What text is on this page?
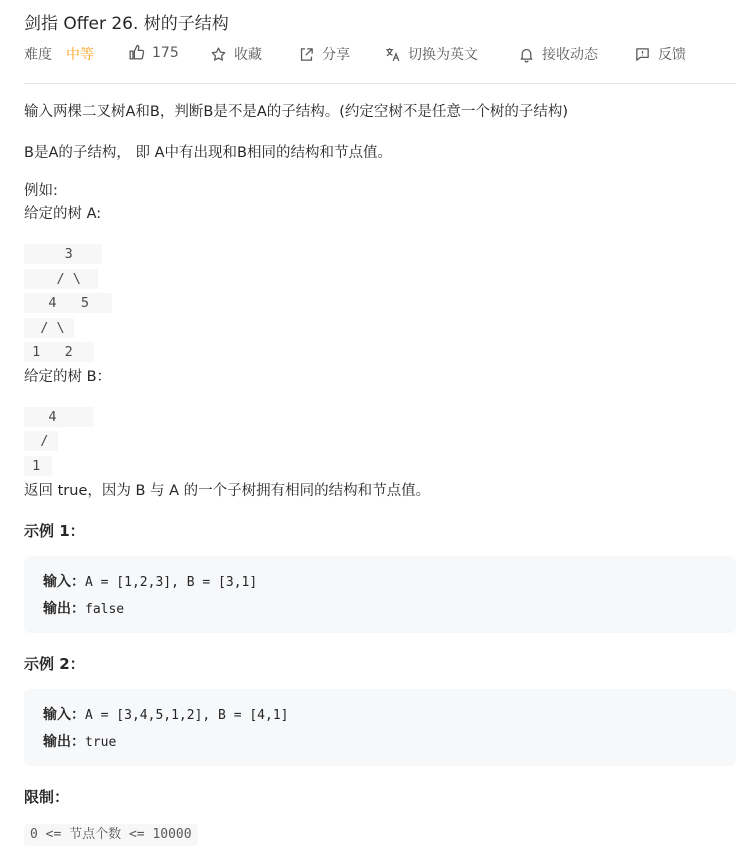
剑指 Offer 26. 树的子结构
难度 中等	175	收藏	分享	切换为英文	接收动态	反馈
输入两棵二叉树A和B，判断B是不是A的子结构。(约定空树不是任意一个树的子结构)
B是A的子结构， 即 A中有出现和B相同的结构和节点值。
例如:
给定的树 A:
3
/ \
4   5
/ \
1   2
给定的树 B：
4
/
1
返回 true，因为 B 与 A 的一个子树拥有相同的结构和节点值。
示例 1：
输入：A = [1,2,3], B = [3,1]
输出：false
示例 2：
输入：A = [3,4,5,1,2], B = [4,1]
输出：true
限制：
0 <= 节点个数 <= 10000
